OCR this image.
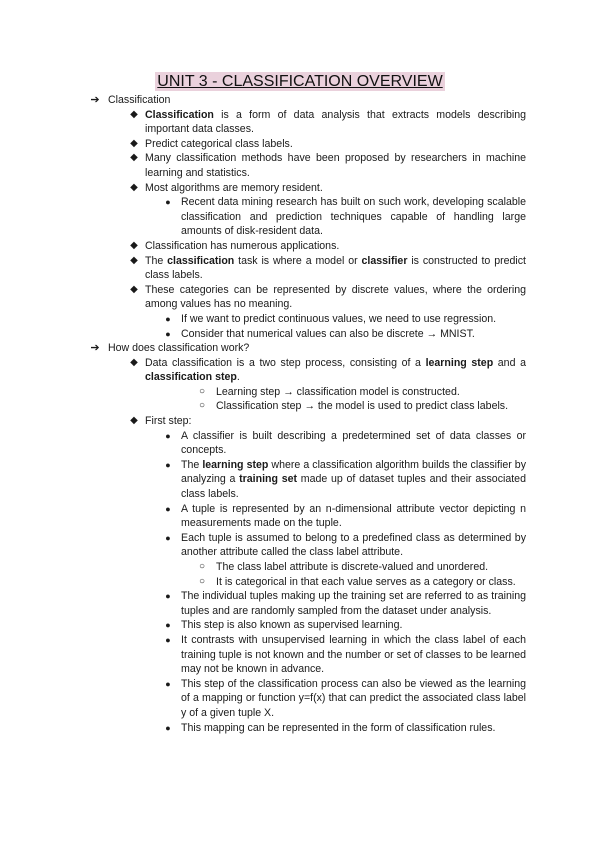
UNIT 3 - CLASSIFICATION OVERVIEW
➔ Classification
◆ Classification is a form of data analysis that extracts models describing important data classes.
◆ Predict categorical class labels.
◆ Many classification methods have been proposed by researchers in machine learning and statistics.
◆ Most algorithms are memory resident.
● Recent data mining research has built on such work, developing scalable classification and prediction techniques capable of handling large amounts of disk-resident data.
◆ Classification has numerous applications.
◆ The classification task is where a model or classifier is constructed to predict class labels.
◆ These categories can be represented by discrete values, where the ordering among values has no meaning.
● If we want to predict continuous values, we need to use regression.
● Consider that numerical values can also be discrete → MNIST.
➔ How does classification work?
◆ Data classification is a two step process, consisting of a learning step and a classification step.
○ Learning step → classification model is constructed.
○ Classification step → the model is used to predict class labels.
◆ First step:
● A classifier is built describing a predetermined set of data classes or concepts.
● The learning step where a classification algorithm builds the classifier by analyzing a training set made up of dataset tuples and their associated class labels.
● A tuple is represented by an n-dimensional attribute vector depicting n measurements made on the tuple.
● Each tuple is assumed to belong to a predefined class as determined by another attribute called the class label attribute.
○ The class label attribute is discrete-valued and unordered.
○ It is categorical in that each value serves as a category or class.
● The individual tuples making up the training set are referred to as training tuples and are randomly sampled from the dataset under analysis.
● This step is also known as supervised learning.
● It contrasts with unsupervised learning in which the class label of each training tuple is not known and the number or set of classes to be learned may not be known in advance.
● This step of the classification process can also be viewed as the learning of a mapping or function y=f(x) that can predict the associated class label y of a given tuple X.
● This mapping can be represented in the form of classification rules.
